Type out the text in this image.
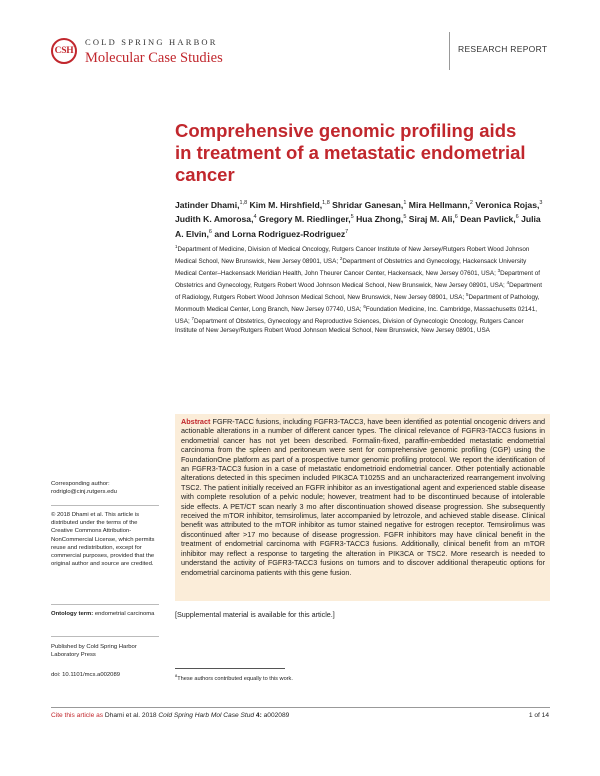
CSH
COLD SPRING HARBOR
Molecular Case Studies
RESEARCH REPORT
Comprehensive genomic profiling aids in treatment of a metastatic endometrial cancer
Jatinder Dhami,$^{1,8}$ Kim M. Hirshfield,$^{1,8}$ Shridar Ganesan,$^1$ Mira Hellmann,$^2$ Veronica Rojas,$^3$ Judith K. Amorosa,$^4$ Gregory M. Riedlinger,$^5$ Hua Zhong,$^5$ Siraj M. Ali,$^6$ Dean Pavlick,$^6$ Julia A. Elvin,$^6$ and Lorna Rodriguez-Rodriguez$^7$
$^1$Department of Medicine, Division of Medical Oncology, Rutgers Cancer Institute of New Jersey/Rutgers Robert Wood Johnson Medical School, New Brunswick, New Jersey 08901, USA; $^2$Department of Obstetrics and Gynecology, Hackensack University Medical Center–Hackensack Meridian Health, John Theurer Cancer Center, Hackensack, New Jersey 07601, USA; $^3$Department of Obstetrics and Gynecology, Rutgers Robert Wood Johnson Medical School, New Brunswick, New Jersey 08901, USA; $^4$Department of Radiology, Rutgers Robert Wood Johnson Medical School, New Brunswick, New Jersey 08901, USA; $^5$Department of Pathology, Monmouth Medical Center, Long Branch, New Jersey 07740, USA; $^6$Foundation Medicine, Inc. Cambridge, Massachusetts 02141, USA; $^7$Department of Obstetrics, Gynecology and Reproductive Sciences, Division of Gynecologic Oncology, Rutgers Cancer Institute of New Jersey/Rutgers Robert Wood Johnson Medical School, New Brunswick, New Jersey 08901, USA
Abstract FGFR-TACC fusions, including FGFR3-TACC3, have been identified as potential oncogenic drivers and actionable alterations in a number of different cancer types. The clinical relevance of FGFR3-TACC3 fusions in endometrial cancer has not yet been described. Formalin-fixed, paraffin-embedded metastatic endometrial carcinoma from the spleen and peritoneum were sent for comprehensive genomic profiling (CGP) using the FoundationOne platform as part of a prospective tumor genomic profiling protocol. We report the identification of an FGFR3-TACC3 fusion in a case of metastatic endometrioid endometrial cancer. Other potentially actionable alterations detected in this specimen included PIK3CA T1025S and an uncharacterized rearrangement involving TSC2. The patient initially received an FGFR inhibitor as an investigational agent and experienced stable disease with complete resolution of a pelvic nodule; however, treatment had to be discontinued because of intolerable side effects. A PET/CT scan nearly 3 mo after discontinuation showed disease progression. She subsequently received the mTOR inhibitor, temsirolimus, later accompanied by letrozole, and achieved stable disease. Clinical benefit was attributed to the mTOR inhibitor as tumor stained negative for estrogen receptor. Temsirolimus was discontinued after >17 mo because of disease progression. FGFR inhibitors may have clinical benefit in the treatment of endometrial carcinoma with FGFR3-TACC3 fusions. Additionally, clinical benefit from an mTOR inhibitor may reflect a response to targeting the alteration in PIK3CA or TSC2. More research is needed to understand the activity of FGFR3-TACC3 fusions on tumors and to discover additional therapeutic options for endometrial carcinoma patients with this gene fusion.
[Supplemental material is available for this article.]
$^8$These authors contributed equally to this work.
Corresponding author:
rodriglo@cinj.rutgers.edu
© 2018 Dhami et al. This article is distributed under the terms of the Creative Commons Attribution-NonCommercial License, which permits reuse and redistribution, except for commercial purposes, provided that the original author and source are credited.
Ontology term: endometrial carcinoma
Published by Cold Spring Harbor Laboratory Press
doi: 10.1101/mcs.a002089
Cite this article as Dhami et al. 2018 Cold Spring Harb Mol Case Stud 4: a002089	1 of 14
